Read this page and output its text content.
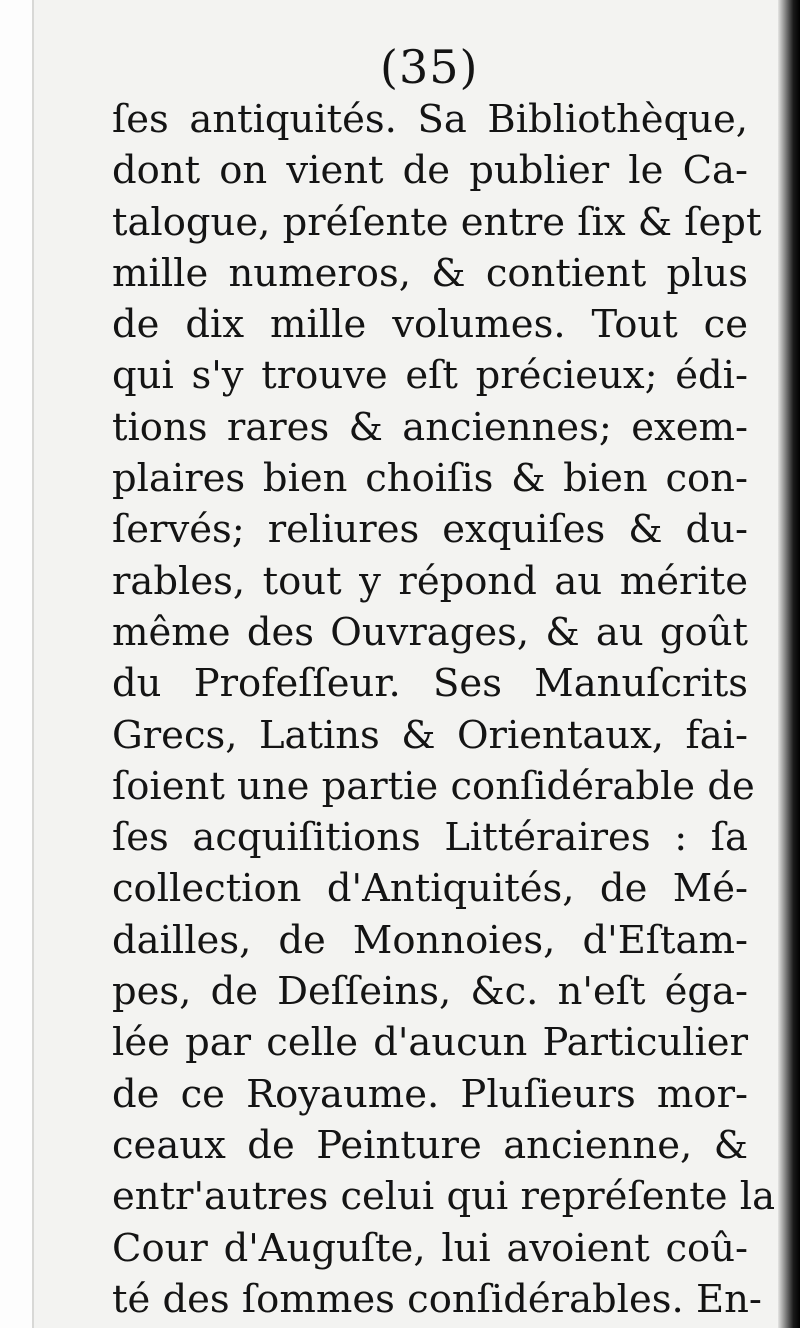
(35)
ſes antiquités. Sa Bibliothèque,
dont on vient de publier le Ca-
talogue, préſente entre ſix & ſept
mille numeros, & contient plus
de dix mille volumes. Tout ce
qui s'y trouve eſt précieux; édi-
tions rares & anciennes; exem-
plaires bien choiſis & bien con-
ſervés; reliures exquiſes & du-
rables, tout y répond au mérite
même des Ouvrages, & au goût
du Profeſſeur. Ses Manuſcrits
Grecs, Latins & Orientaux, fai-
ſoient une partie conſidérable de
ſes acquiſitions Littéraires : ſa
collection d'Antiquités, de Mé-
dailles, de Monnoies, d'Eſtam-
pes, de Deſſeins, &c. n'eſt éga-
lée par celle d'aucun Particulier
de ce Royaume. Pluſieurs mor-
ceaux de Peinture ancienne, &
entr'autres celui qui repréſente la
Cour d'Auguſte, lui avoient coû-
té des ſommes conſidérables. En-
